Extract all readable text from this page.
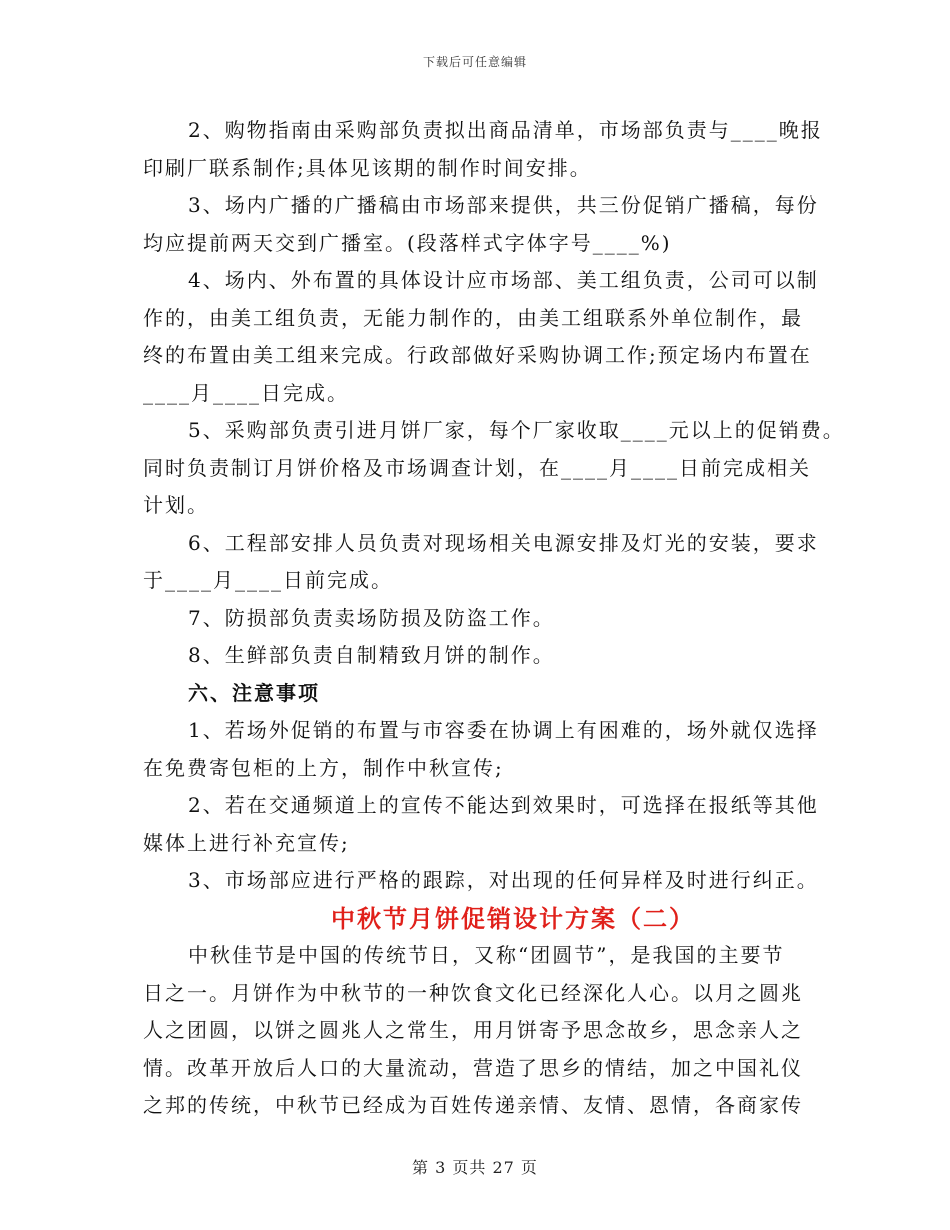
下载后可任意编辑
2、购物指南由采购部负责拟出商品清单，市场部负责与____晚报
印刷厂联系制作;具体见该期的制作时间安排。
3、场内广播的广播稿由市场部来提供，共三份促销广播稿，每份
均应提前两天交到广播室。(段落样式字体字号____%)
4、场内、外布置的具体设计应市场部、美工组负责，公司可以制
作的，由美工组负责，无能力制作的，由美工组联系外单位制作，最
终的布置由美工组来完成。行政部做好采购协调工作;预定场内布置在
____月____日完成。
5、采购部负责引进月饼厂家，每个厂家收取____元以上的促销费。
同时负责制订月饼价格及市场调查计划，在____月____日前完成相关
计划。
6、工程部安排人员负责对现场相关电源安排及灯光的安装，要求
于____月____日前完成。
7、防损部负责卖场防损及防盗工作。
8、生鲜部负责自制精致月饼的制作。
六、注意事项
1、若场外促销的布置与市容委在协调上有困难的，场外就仅选择
在免费寄包柜的上方，制作中秋宣传;
2、若在交通频道上的宣传不能达到效果时，可选择在报纸等其他
媒体上进行补充宣传;
3、市场部应进行严格的跟踪，对出现的任何异样及时进行纠正。
中秋节月饼促销设计方案（二）
中秋佳节是中国的传统节日，又称“团圆节”，是我国的主要节
日之一。月饼作为中秋节的一种饮食文化已经深化人心。以月之圆兆
人之团圆，以饼之圆兆人之常生，用月饼寄予思念故乡，思念亲人之
情。改革开放后人口的大量流动，营造了思乡的情结，加之中国礼仪
之邦的传统，中秋节已经成为百姓传递亲情、友情、恩情，各商家传
第 3 页共 27 页
